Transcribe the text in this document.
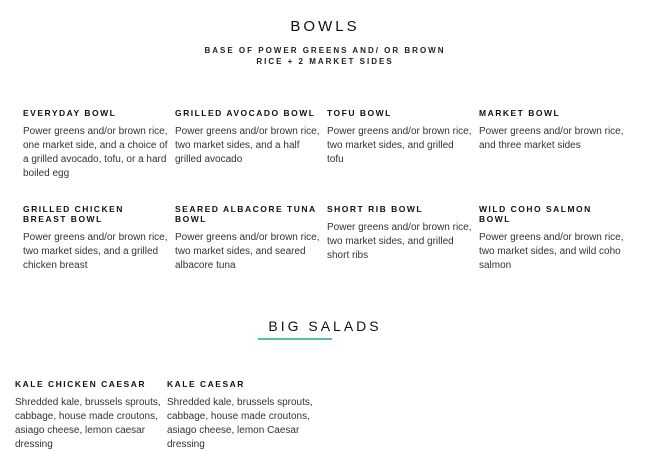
BOWLS
BASE OF POWER GREENS AND/ OR BROWN RICE + 2 MARKET SIDES

EVERYDAY BOWL

Power greens and/or brown rice, one market side, and a choice of a grilled avocado, tofu, or a hard boiled egg

GRILLED AVOCADO BOWL

Power greens and/or brown rice, two market sides, and a half grilled avocado

TOFU BOWL

Power greens and/or brown rice, two market sides, and grilled tofu

MARKET BOWL

Power greens and/or brown rice, and three market sides

GRILLED CHICKEN BREAST BOWL

Power greens and/or brown rice, two market sides, and a grilled chicken breast

SEARED ALBACORE TUNA BOWL

Power greens and/or brown rice, two market sides, and seared albacore tuna

SHORT RIB BOWL

Power greens and/or brown rice, two market sides, and grilled short ribs

WILD COHO SALMON BOWL

Power greens and/or brown rice, two market sides, and wild coho salmon

BIG SALADS

KALE CHICKEN CAESAR

Shredded kale, brussels sprouts, cabbage, house made croutons, asiago cheese, lemon caesar dressing

KALE CAESAR

Shredded kale, brussels sprouts, cabbage, house made croutons, asiago cheese, lemon Caesar dressing
